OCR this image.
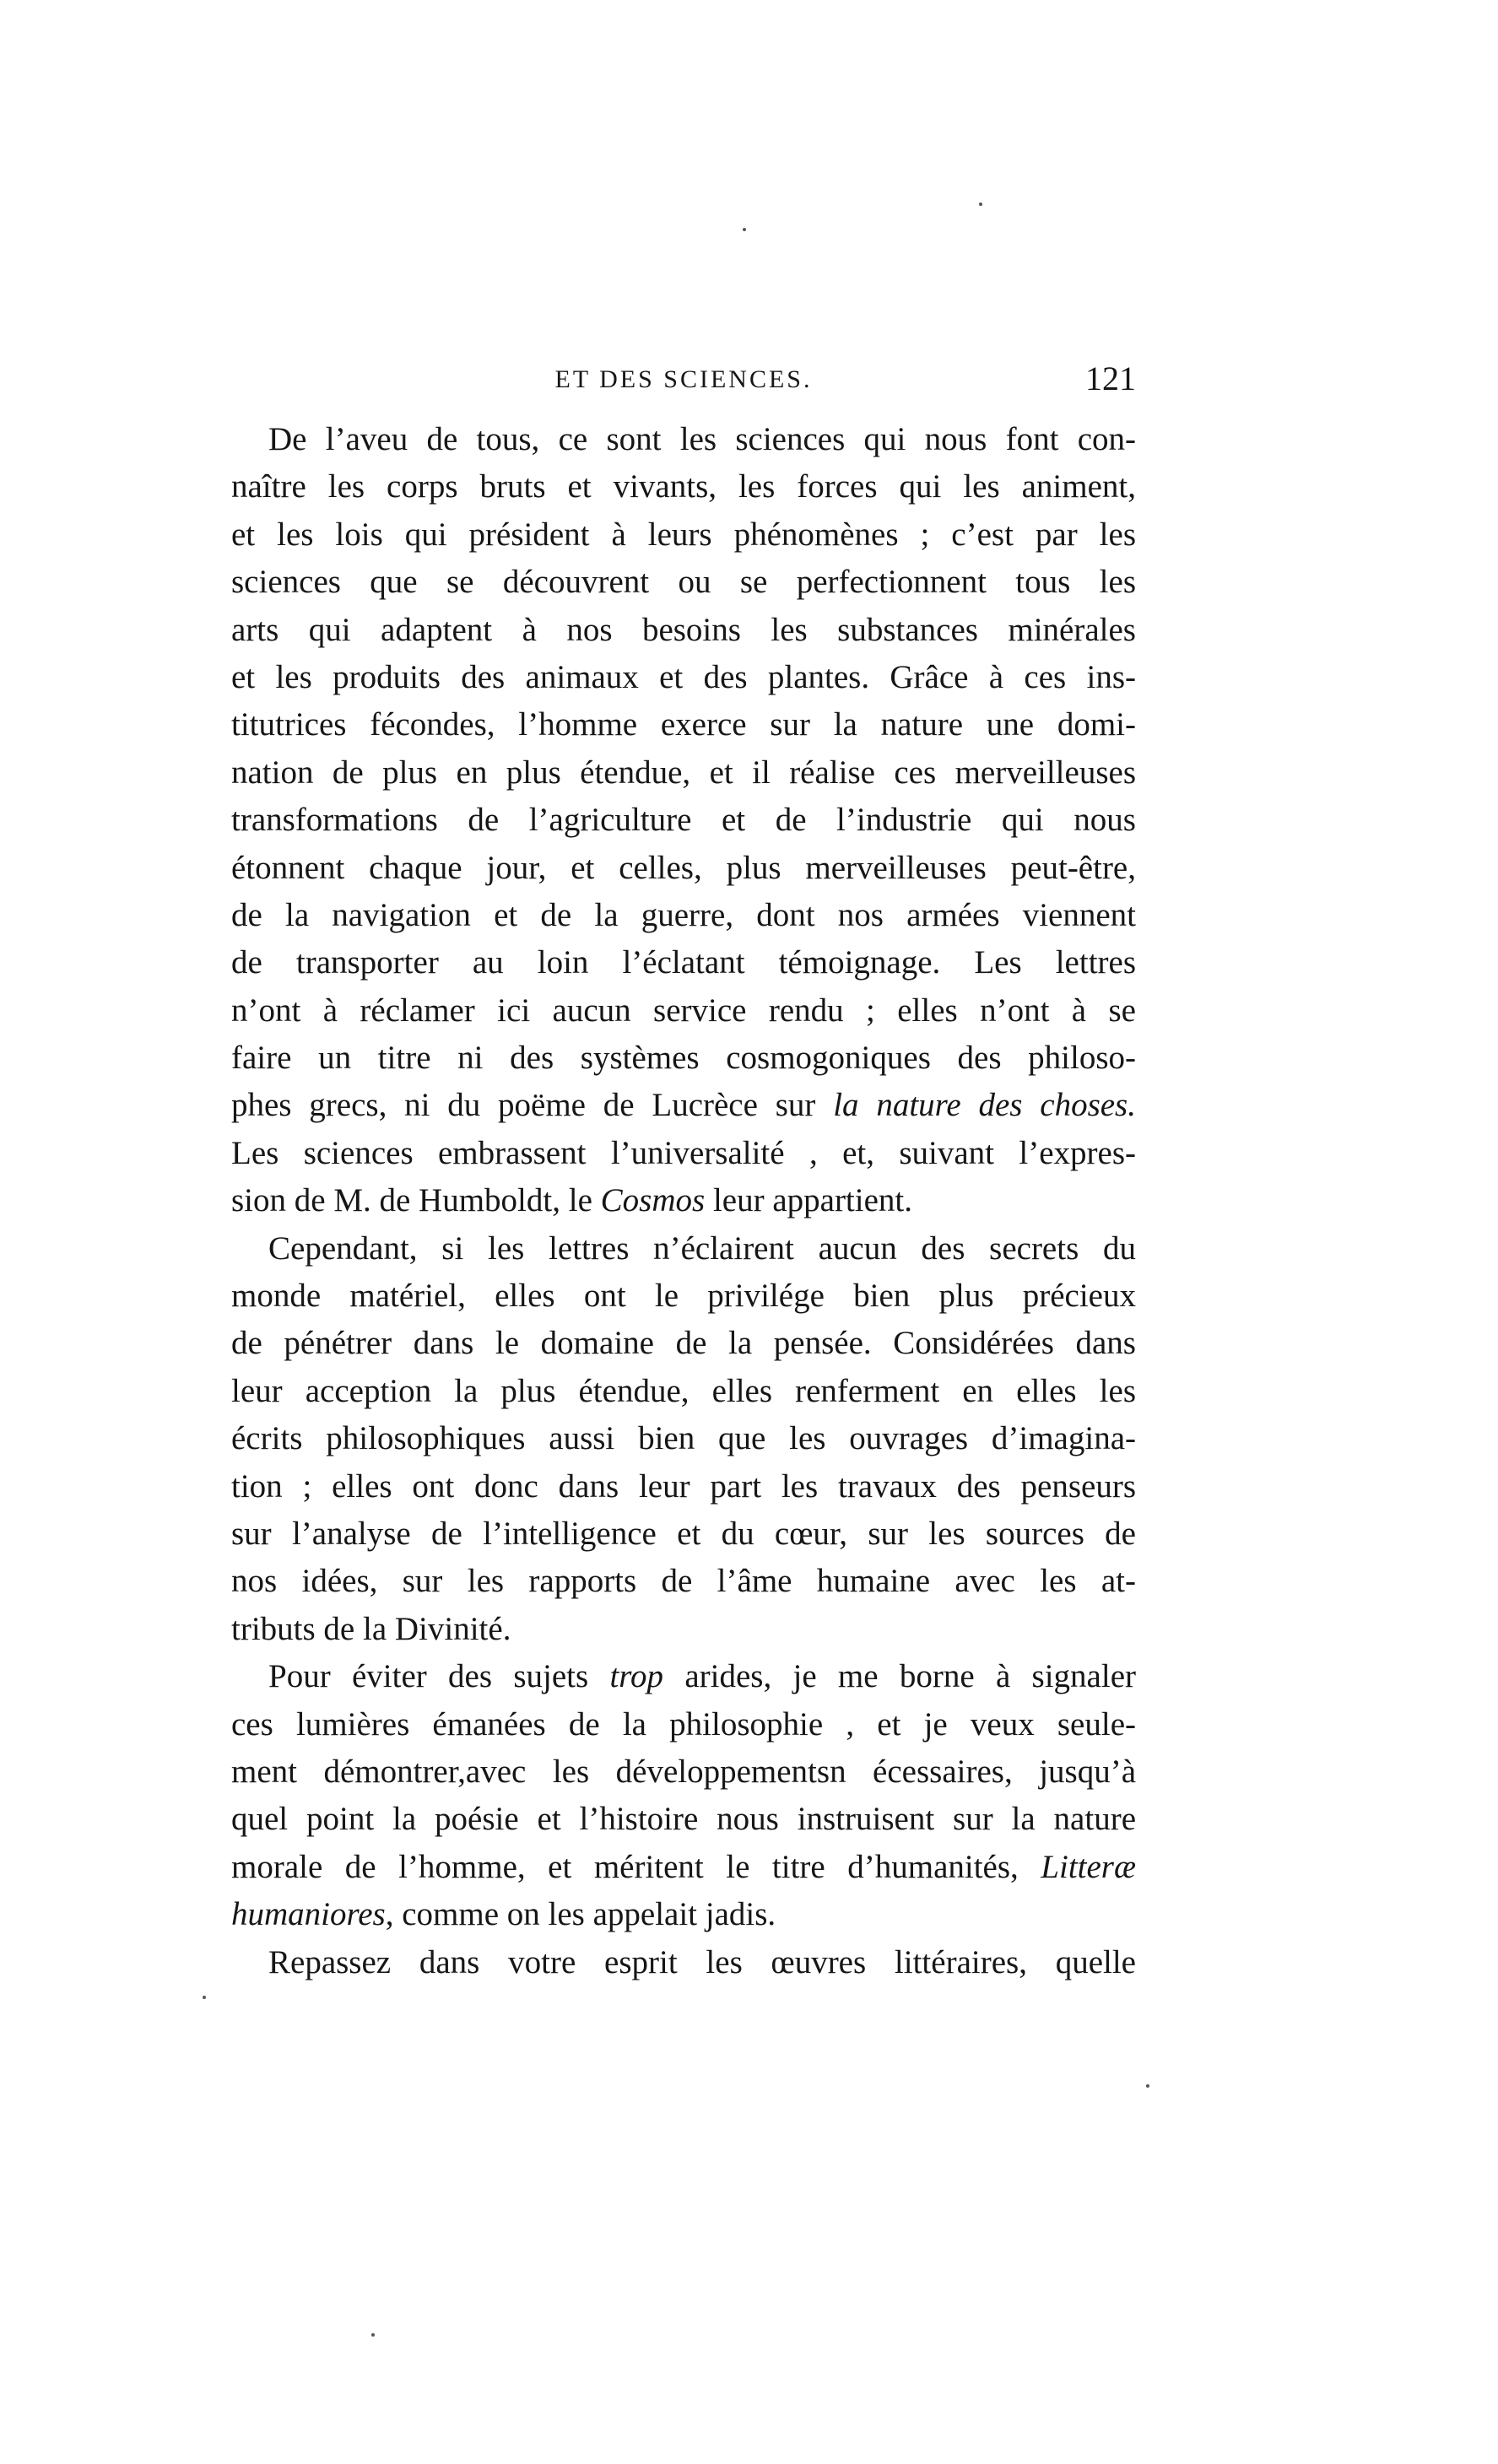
ET DES SCIENCES.	121
De l’aveu de tous, ce sont les sciences qui nous font con-
naître les corps bruts et vivants, les forces qui les animent,
et les lois qui président à leurs phénomènes ; c’est par les
sciences que se découvrent ou se perfectionnent tous les
arts qui adaptent à nos besoins les substances minérales
et les produits des animaux et des plantes. Grâce à ces ins-
titutrices fécondes, l’homme exerce sur la nature une domi-
nation de plus en plus étendue, et il réalise ces merveilleuses
transformations de l’agriculture et de l’industrie qui nous
étonnent chaque jour, et celles, plus merveilleuses peut-être,
de la navigation et de la guerre, dont nos armées viennent
de transporter au loin l’éclatant témoignage. Les lettres
n’ont à réclamer ici aucun service rendu ; elles n’ont à se
faire un titre ni des systèmes cosmogoniques des philoso-
phes grecs, ni du poëme de Lucrèce sur la nature des choses.
Les sciences embrassent l’universalité , et, suivant l’expres-
sion de M. de Humboldt, le Cosmos leur appartient.
Cependant, si les lettres n’éclairent aucun des secrets du
monde matériel, elles ont le privilége bien plus précieux
de pénétrer dans le domaine de la pensée. Considérées dans
leur acception la plus étendue, elles renferment en elles les
écrits philosophiques aussi bien que les ouvrages d’imagina-
tion ; elles ont donc dans leur part les travaux des penseurs
sur l’analyse de l’intelligence et du cœur, sur les sources de
nos idées, sur les rapports de l’âme humaine avec les at-
tributs de la Divinité.
Pour éviter des sujets trop arides, je me borne à signaler
ces lumières émanées de la philosophie , et je veux seule-
ment démontrer,avec les développementsn écessaires, jusqu’à
quel point la poésie et l’histoire nous instruisent sur la nature
morale de l’homme, et méritent le titre d’humanités, Litteræ
humaniores, comme on les appelait jadis.
Repassez dans votre esprit les œuvres littéraires, quelle
